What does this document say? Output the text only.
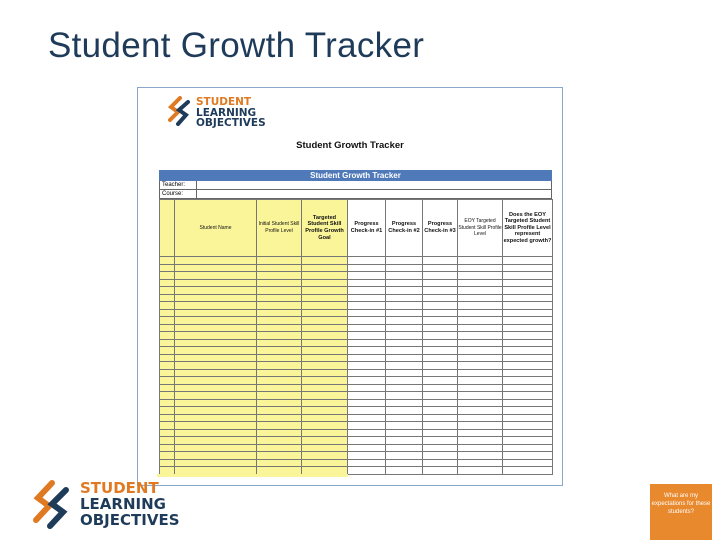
Student Growth Tracker
STUDENT
LEARNING
OBJECTIVES
Student Growth Tracker
Student Growth Tracker
Teacher:
Course:
	Student Name	Initial Student Skill Profile Level	Targeted Student Skill Profile Growth Goal	Progress Check-in #1	Progress Check-in #2	Progress Check-in #3	EOY Targeted Student Skill Profile Level	Does the EOY Targeted Student Skill Profile Level represent expected growth?

STUDENT
LEARNING
OBJECTIVES
What are my expectations for these students?
